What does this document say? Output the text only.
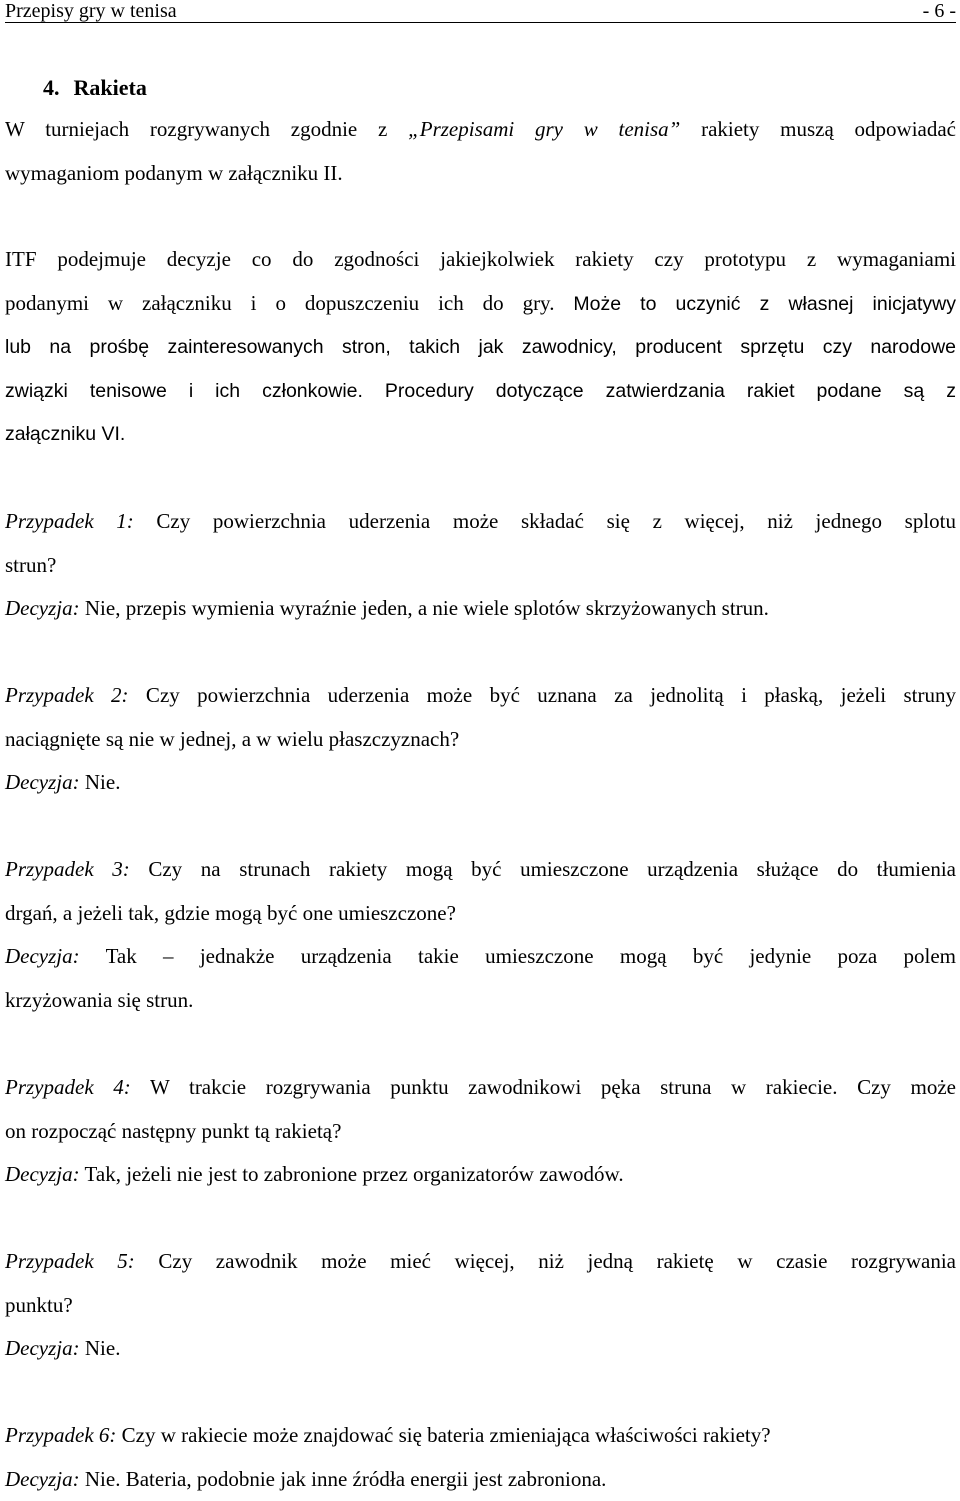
Przepisy gry w tenisa	- 6 -
4. Rakieta
W turniejach rozgrywanych zgodnie z „Przepisami gry w tenisa” rakiety muszą odpowiadać
wymaganiom podanym w załączniku II.
ITF podejmuje decyzje co do zgodności jakiejkolwiek rakiety czy prototypu z wymaganiami
podanymi w załączniku i o dopuszczeniu ich do gry. Może to uczynić z własnej inicjatywy
lub na prośbę zainteresowanych stron, takich jak zawodnicy, producent sprzętu czy narodowe
związki tenisowe i ich członkowie. Procedury dotyczące zatwierdzania rakiet podane są z
załączniku VI.
Przypadek 1: Czy powierzchnia uderzenia może składać się z więcej, niż jednego splotu
strun?
Decyzja: Nie, przepis wymienia wyraźnie jeden, a nie wiele splotów skrzyżowanych strun.
Przypadek 2: Czy powierzchnia uderzenia może być uznana za jednolitą i płaską, jeżeli struny
naciągnięte są nie w jednej, a w wielu płaszczyznach?
Decyzja: Nie.
Przypadek 3: Czy na strunach rakiety mogą być umieszczone urządzenia służące do tłumienia
drgań, a jeżeli tak, gdzie mogą być one umieszczone?
Decyzja: Tak – jednakże urządzenia takie umieszczone mogą być jedynie poza polem
krzyżowania się strun.
Przypadek 4: W trakcie rozgrywania punktu zawodnikowi pęka struna w rakiecie. Czy może
on rozpocząć następny punkt tą rakietą?
Decyzja: Tak, jeżeli nie jest to zabronione przez organizatorów zawodów.
Przypadek 5: Czy zawodnik może mieć więcej, niż jedną rakietę w czasie rozgrywania
punktu?
Decyzja: Nie.
Przypadek 6: Czy w rakiecie może znajdować się bateria zmieniająca właściwości rakiety?
Decyzja: Nie. Bateria, podobnie jak inne źródła energii jest zabroniona.
